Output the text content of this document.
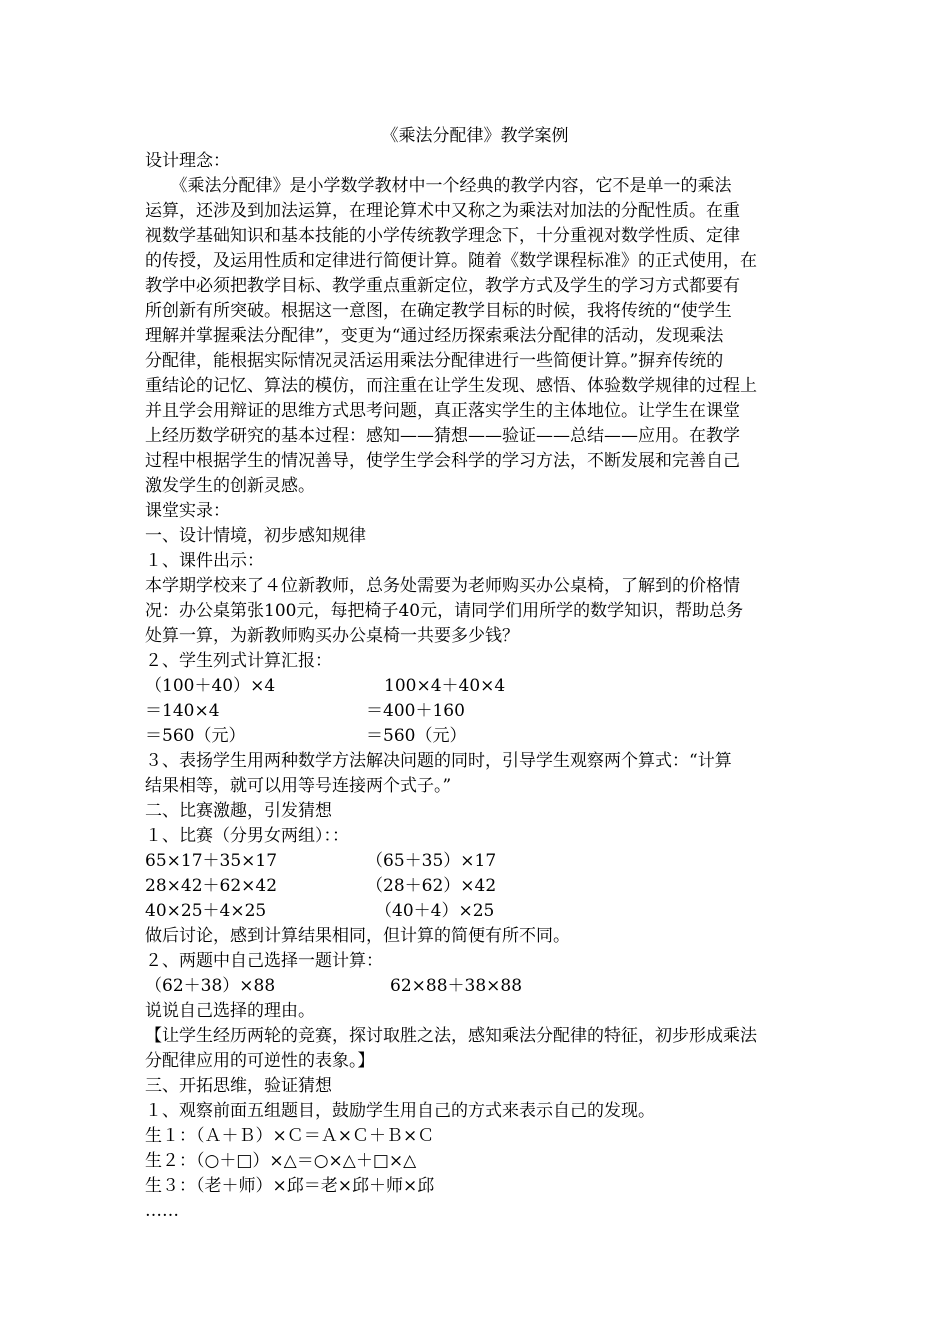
《乘法分配律》教学案例
设计理念：
　　《乘法分配律》是小学数学教材中一个经典的教学内容，它不是单一的乘法
运算，还涉及到加法运算，在理论算术中又称之为乘法对加法的分配性质。在重
视数学基础知识和基本技能的小学传统教学理念下，十分重视对数学性质、定律
的传授，及运用性质和定律进行简便计算。随着《数学课程标准》的正式使用，在
教学中必须把教学目标、教学重点重新定位，教学方式及学生的学习方式都要有
所创新有所突破。根据这一意图，在确定教学目标的时候，我将传统的“使学生
理解并掌握乘法分配律”，变更为“通过经历探索乘法分配律的活动，发现乘法
分配律，能根据实际情况灵活运用乘法分配律进行一些简便计算。”摒弃传统的
重结论的记忆、算法的模仿，而注重在让学生发现、感悟、体验数学规律的过程上
并且学会用辩证的思维方式思考问题，真正落实学生的主体地位。让学生在课堂
上经历数学研究的基本过程：感知——猜想——验证——总结——应用。在教学
过程中根据学生的情况善导，使学生学会科学的学习方法，不断发展和完善自己
激发学生的创新灵感。
课堂实录：
一、设计情境，初步感知规律
１、课件出示：
本学期学校来了４位新教师，总务处需要为老师购买办公桌椅，了解到的价格情
况：办公桌第张100元，每把椅子40元，请同学们用所学的数学知识，帮助总务
处算一算，为新教师购买办公桌椅一共要多少钱？
２、学生列式计算汇报：
（100＋40）×4	100×4＋40×4
＝140×4	＝400＋160
＝560（元）	＝560（元）
３、表扬学生用两种数学方法解决问题的同时，引导学生观察两个算式：“计算
结果相等，就可以用等号连接两个式子。”
二、比赛激趣，引发猜想
１、比赛（分男女两组）：：
65×17＋35×17	（65＋35）×17
28×42＋62×42	（28＋62）×42
40×25＋4×25	（40＋4）×25
做后讨论，感到计算结果相同，但计算的简便有所不同。
２、两题中自己选择一题计算：
（62＋38）×88	62×88＋38×88
说说自己选择的理由。
【让学生经历两轮的竞赛，探讨取胜之法，感知乘法分配律的特征，初步形成乘法
分配律应用的可逆性的表象。】
三、开拓思维，验证猜想
１、观察前面五组题目，鼓励学生用自己的方式来表示自己的发现。
生１：（Ａ＋Ｂ）×Ｃ＝Ａ×Ｃ＋Ｂ×Ｃ
生２：（○＋□）×△＝○×△＋□×△
生３：（老＋师）×邱＝老×邱＋师×邱
……
